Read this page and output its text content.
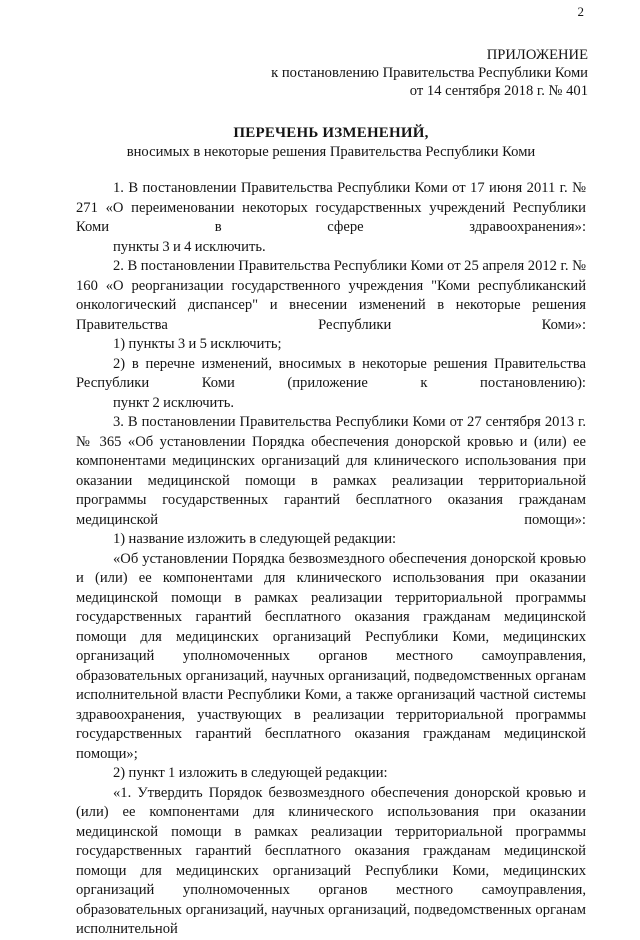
2
ПРИЛОЖЕНИЕ
к постановлению Правительства Республики Коми
от 14 сентября 2018 г. № 401
ПЕРЕЧЕНЬ ИЗМЕНЕНИЙ,
вносимых в некоторые решения Правительства Республики Коми

1. В постановлении Правительства Республики Коми от 17 июня 2011 г. № 271 «О переименовании некоторых государственных учреждений Республики Коми в сфере здравоохранения»:

пункты 3 и 4 исключить.

2. В постановлении Правительства Республики Коми от 25 апреля 2012 г. № 160 «О реорганизации государственного учреждения "Коми республиканский онкологический диспансер" и внесении изменений в некоторые решения Правительства Республики Коми»:

1) пункты 3 и 5 исключить;

2) в перечне изменений, вносимых в некоторые решения Правительства Республики Коми (приложение к постановлению):

пункт 2 исключить.

3. В постановлении Правительства Республики Коми от 27 сентября 2013 г. № 365 «Об установлении Порядка обеспечения донорской кровью и (или) ее компонентами медицинских организаций для клинического использования при оказании медицинской помощи в рамках реализации территориальной программы государственных гарантий бесплатного оказания гражданам медицинской помощи»:

1) название изложить в следующей редакции:

«Об установлении Порядка безвозмездного обеспечения донорской кровью и (или) ее компонентами для клинического использования при оказании медицинской помощи в рамках реализации территориальной программы государственных гарантий бесплатного оказания гражданам медицинской помощи для медицинских организаций Республики Коми, медицинских организаций уполномоченных органов местного самоуправления, образовательных организаций, научных организаций, подведомственных органам исполнительной власти Республики Коми, а также организаций частной системы здравоохранения, участвующих в реализации территориальной программы государственных гарантий бесплатного оказания гражданам медицинской помощи»;

2) пункт 1 изложить в следующей редакции:

«1. Утвердить Порядок безвозмездного обеспечения донорской кровью и (или) ее компонентами для клинического использования при оказании медицинской помощи в рамках реализации территориальной программы государственных гарантий бесплатного оказания гражданам медицинской помощи для медицинских организаций Республики Коми, медицинских организаций уполномоченных органов местного самоуправления, образовательных организаций, научных организаций, подведомственных органам исполнительной
